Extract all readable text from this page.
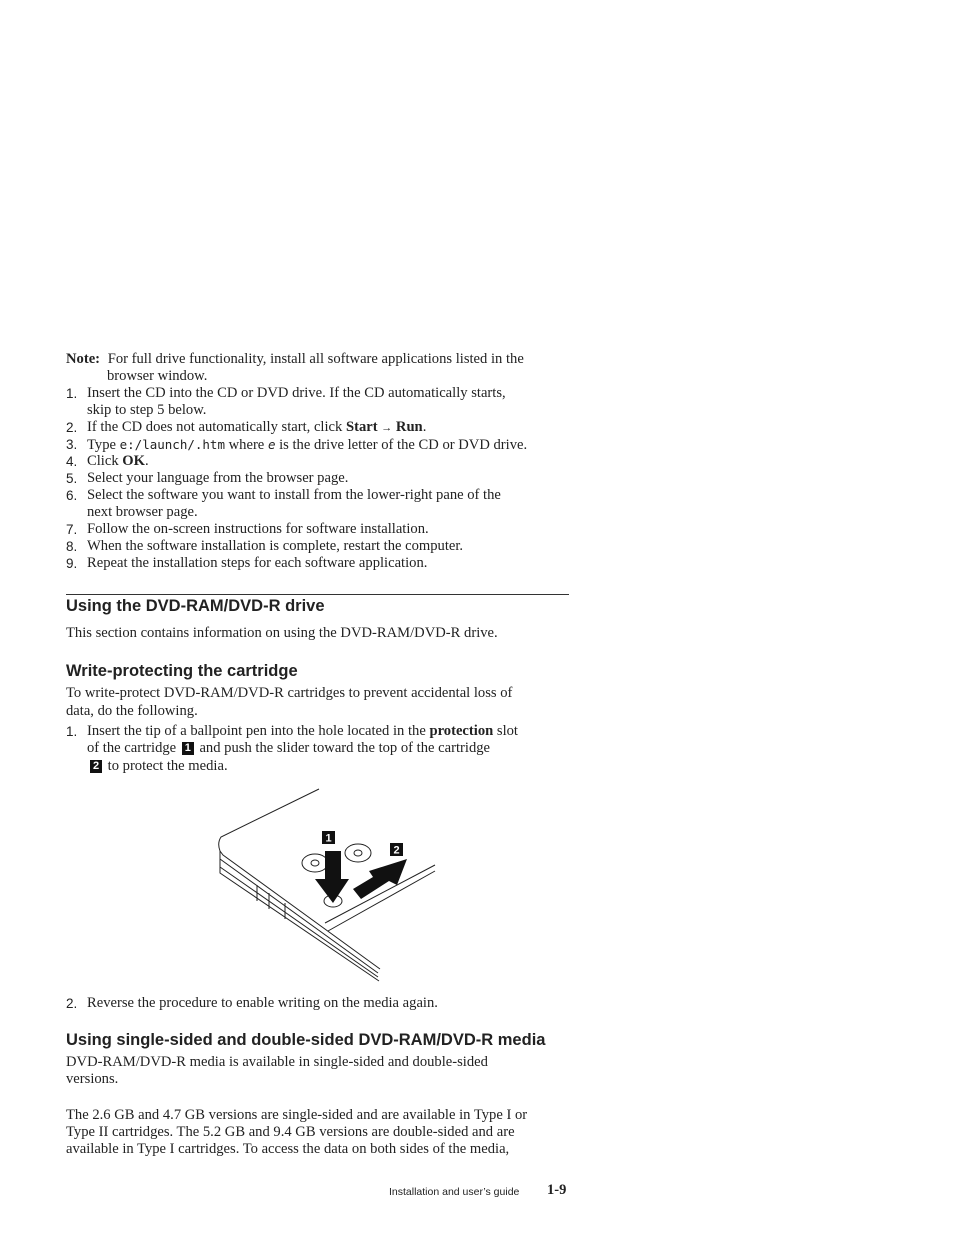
Note: For full drive functionality, install all software applications listed in the
browser window.
1. Insert the CD into the CD or DVD drive. If the CD automatically starts,
skip to step 5 below.
2. If the CD does not automatically start, click Start → Run.
3. Type e:/launch/.htm where e is the drive letter of the CD or DVD drive.
4. Click OK.
5. Select your language from the browser page.
6. Select the software you want to install from the lower-right pane of the
next browser page.
7. Follow the on-screen instructions for software installation.
8. When the software installation is complete, restart the computer.
9. Repeat the installation steps for each software application.
Using the DVD-RAM/DVD-R drive
This section contains information on using the DVD-RAM/DVD-R drive.
Write-protecting the cartridge
To write-protect DVD-RAM/DVD-R cartridges to prevent accidental loss of
data, do the following.
1. Insert the tip of a ballpoint pen into the hole located in the protection slot
of the cartridge 1 and push the slider toward the top of the cartridge
2 to protect the media.
1
2
2. Reverse the procedure to enable writing on the media again.
Using single-sided and double-sided DVD-RAM/DVD-R media
DVD-RAM/DVD-R media is available in single-sided and double-sided
versions.
The 2.6 GB and 4.7 GB versions are single-sided and are available in Type I or
Type II cartridges. The 5.2 GB and 9.4 GB versions are double-sided and are
available in Type I cartridges. To access the data on both sides of the media,
Installation and user’s guide 1-9
